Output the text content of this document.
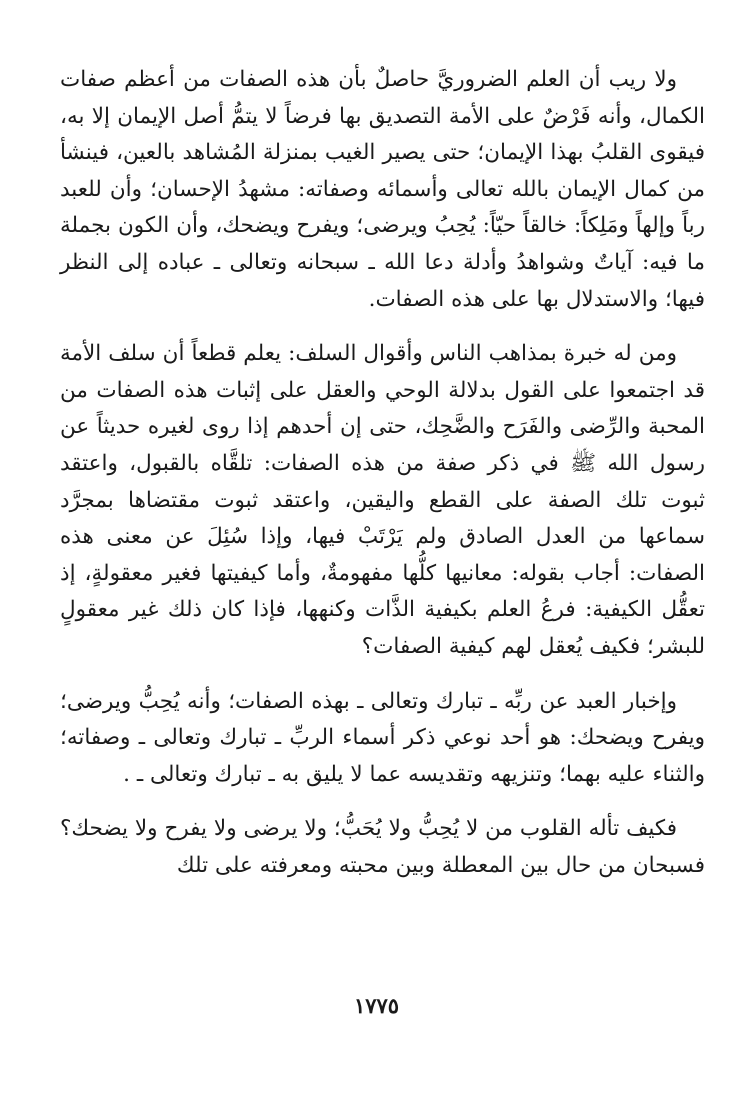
ولا ريب أن العلم الضروريَّ حاصلٌ بأن هذه الصفات من أعظم صفات الكمال، وأنه فَرْضٌ على الأمة التصديق بها فرضاً لا يتمُّ أصل الإيمان إلا به، فيقوى القلبُ بهذا الإيمان؛ حتى يصير الغيب بمنزلة المُشاهد بالعين، فينشأ من كمال الإيمان بالله تعالى وأسمائه وصفاته: مشهدُ الإحسان؛ وأن للعبد رباً وإلهاً ومَلِكاً: خالقاً حيّاً: يُحِبُ ويرضى؛ ويفرح ويضحك، وأن الكون بجملة ما فيه: آياتٌ وشواهدُ وأدلة دعا الله ـ سبحانه وتعالى ـ عباده إلى النظر فيها؛ والاستدلال بها على هذه الصفات.

ومن له خبرة بمذاهب الناس وأقوال السلف: يعلم قطعاً أن سلف الأمة قد اجتمعوا على القول بدلالة الوحي والعقل على إثبات هذه الصفات من المحبة والرِّضى والفَرَح والضَّحِك، حتى إن أحدهم إذا روى لغيره حديثاً عن رسول الله ﷺ في ذكر صفة من هذه الصفات: تلقَّاه بالقبول، واعتقد ثبوت تلك الصفة على القطع واليقين، واعتقد ثبوت مقتضاها بمجرَّد سماعها من العدل الصادق ولم يَرْتَبْ فيها، وإذا سُئِلَ عن معنى هذه الصفات: أجاب بقوله: معانيها كلُّها مفهومةٌ، وأما كيفيتها فغير معقولةٍ، إذ تعقُّل الكيفية: فرعُ العلم بكيفية الذَّات وكنهها، فإذا كان ذلك غير معقولٍ للبشر؛ فكيف يُعقل لهم كيفية الصفات؟

وإخبار العبد عن ربِّه ـ تبارك وتعالى ـ بهذه الصفات؛ وأنه يُحِبُّ ويرضى؛ ويفرح ويضحك: هو أحد نوعي ذكر أسماء الربِّ ـ تبارك وتعالى ـ وصفاته؛ والثناء عليه بهما؛ وتنزيهه وتقديسه عما لا يليق به ـ تبارك وتعالى ـ .

فكيف تأله القلوب من لا يُحِبُّ ولا يُحَبُّ؛ ولا يرضى ولا يفرح ولا يضحك؟ فسبحان من حال بين المعطلة وبين محبته ومعرفته على تلك

١٧٧٥
